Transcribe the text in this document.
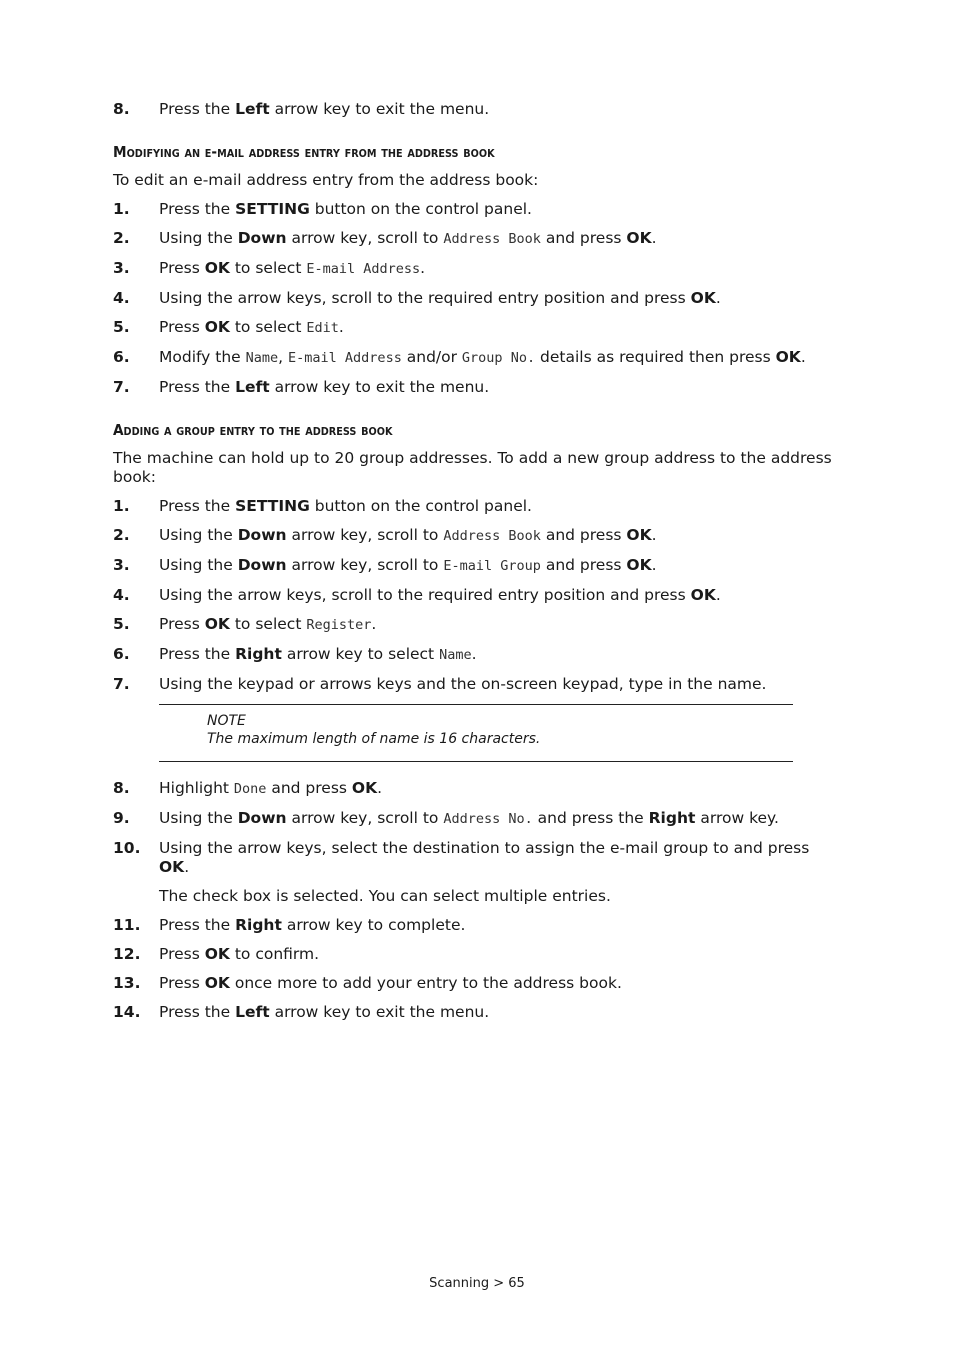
8. Press the Left arrow key to exit the menu.
Modifying an e-mail address entry from the address book
To edit an e-mail address entry from the address book:
1. Press the SETTING button on the control panel.
2. Using the Down arrow key, scroll to Address Book and press OK.
3. Press OK to select E-mail Address.
4. Using the arrow keys, scroll to the required entry position and press OK.
5. Press OK to select Edit.
6. Modify the Name, E-mail Address and/or Group No. details as required then press OK.
7. Press the Left arrow key to exit the menu.
Adding a group entry to the address book
The machine can hold up to 20 group addresses. To add a new group address to the address book:
1. Press the SETTING button on the control panel.
2. Using the Down arrow key, scroll to Address Book and press OK.
3. Using the Down arrow key, scroll to E-mail Group and press OK.
4. Using the arrow keys, scroll to the required entry position and press OK.
5. Press OK to select Register.
6. Press the Right arrow key to select Name.
7. Using the keypad or arrows keys and the on-screen keypad, type in the name.
NOTE
The maximum length of name is 16 characters.
8. Highlight Done and press OK.
9. Using the Down arrow key, scroll to Address No. and press the Right arrow key.
10. Using the arrow keys, select the destination to assign the e-mail group to and press OK.
The check box is selected. You can select multiple entries.
11. Press the Right arrow key to complete.
12. Press OK to confirm.
13. Press OK once more to add your entry to the address book.
14. Press the Left arrow key to exit the menu.
Scanning > 65
